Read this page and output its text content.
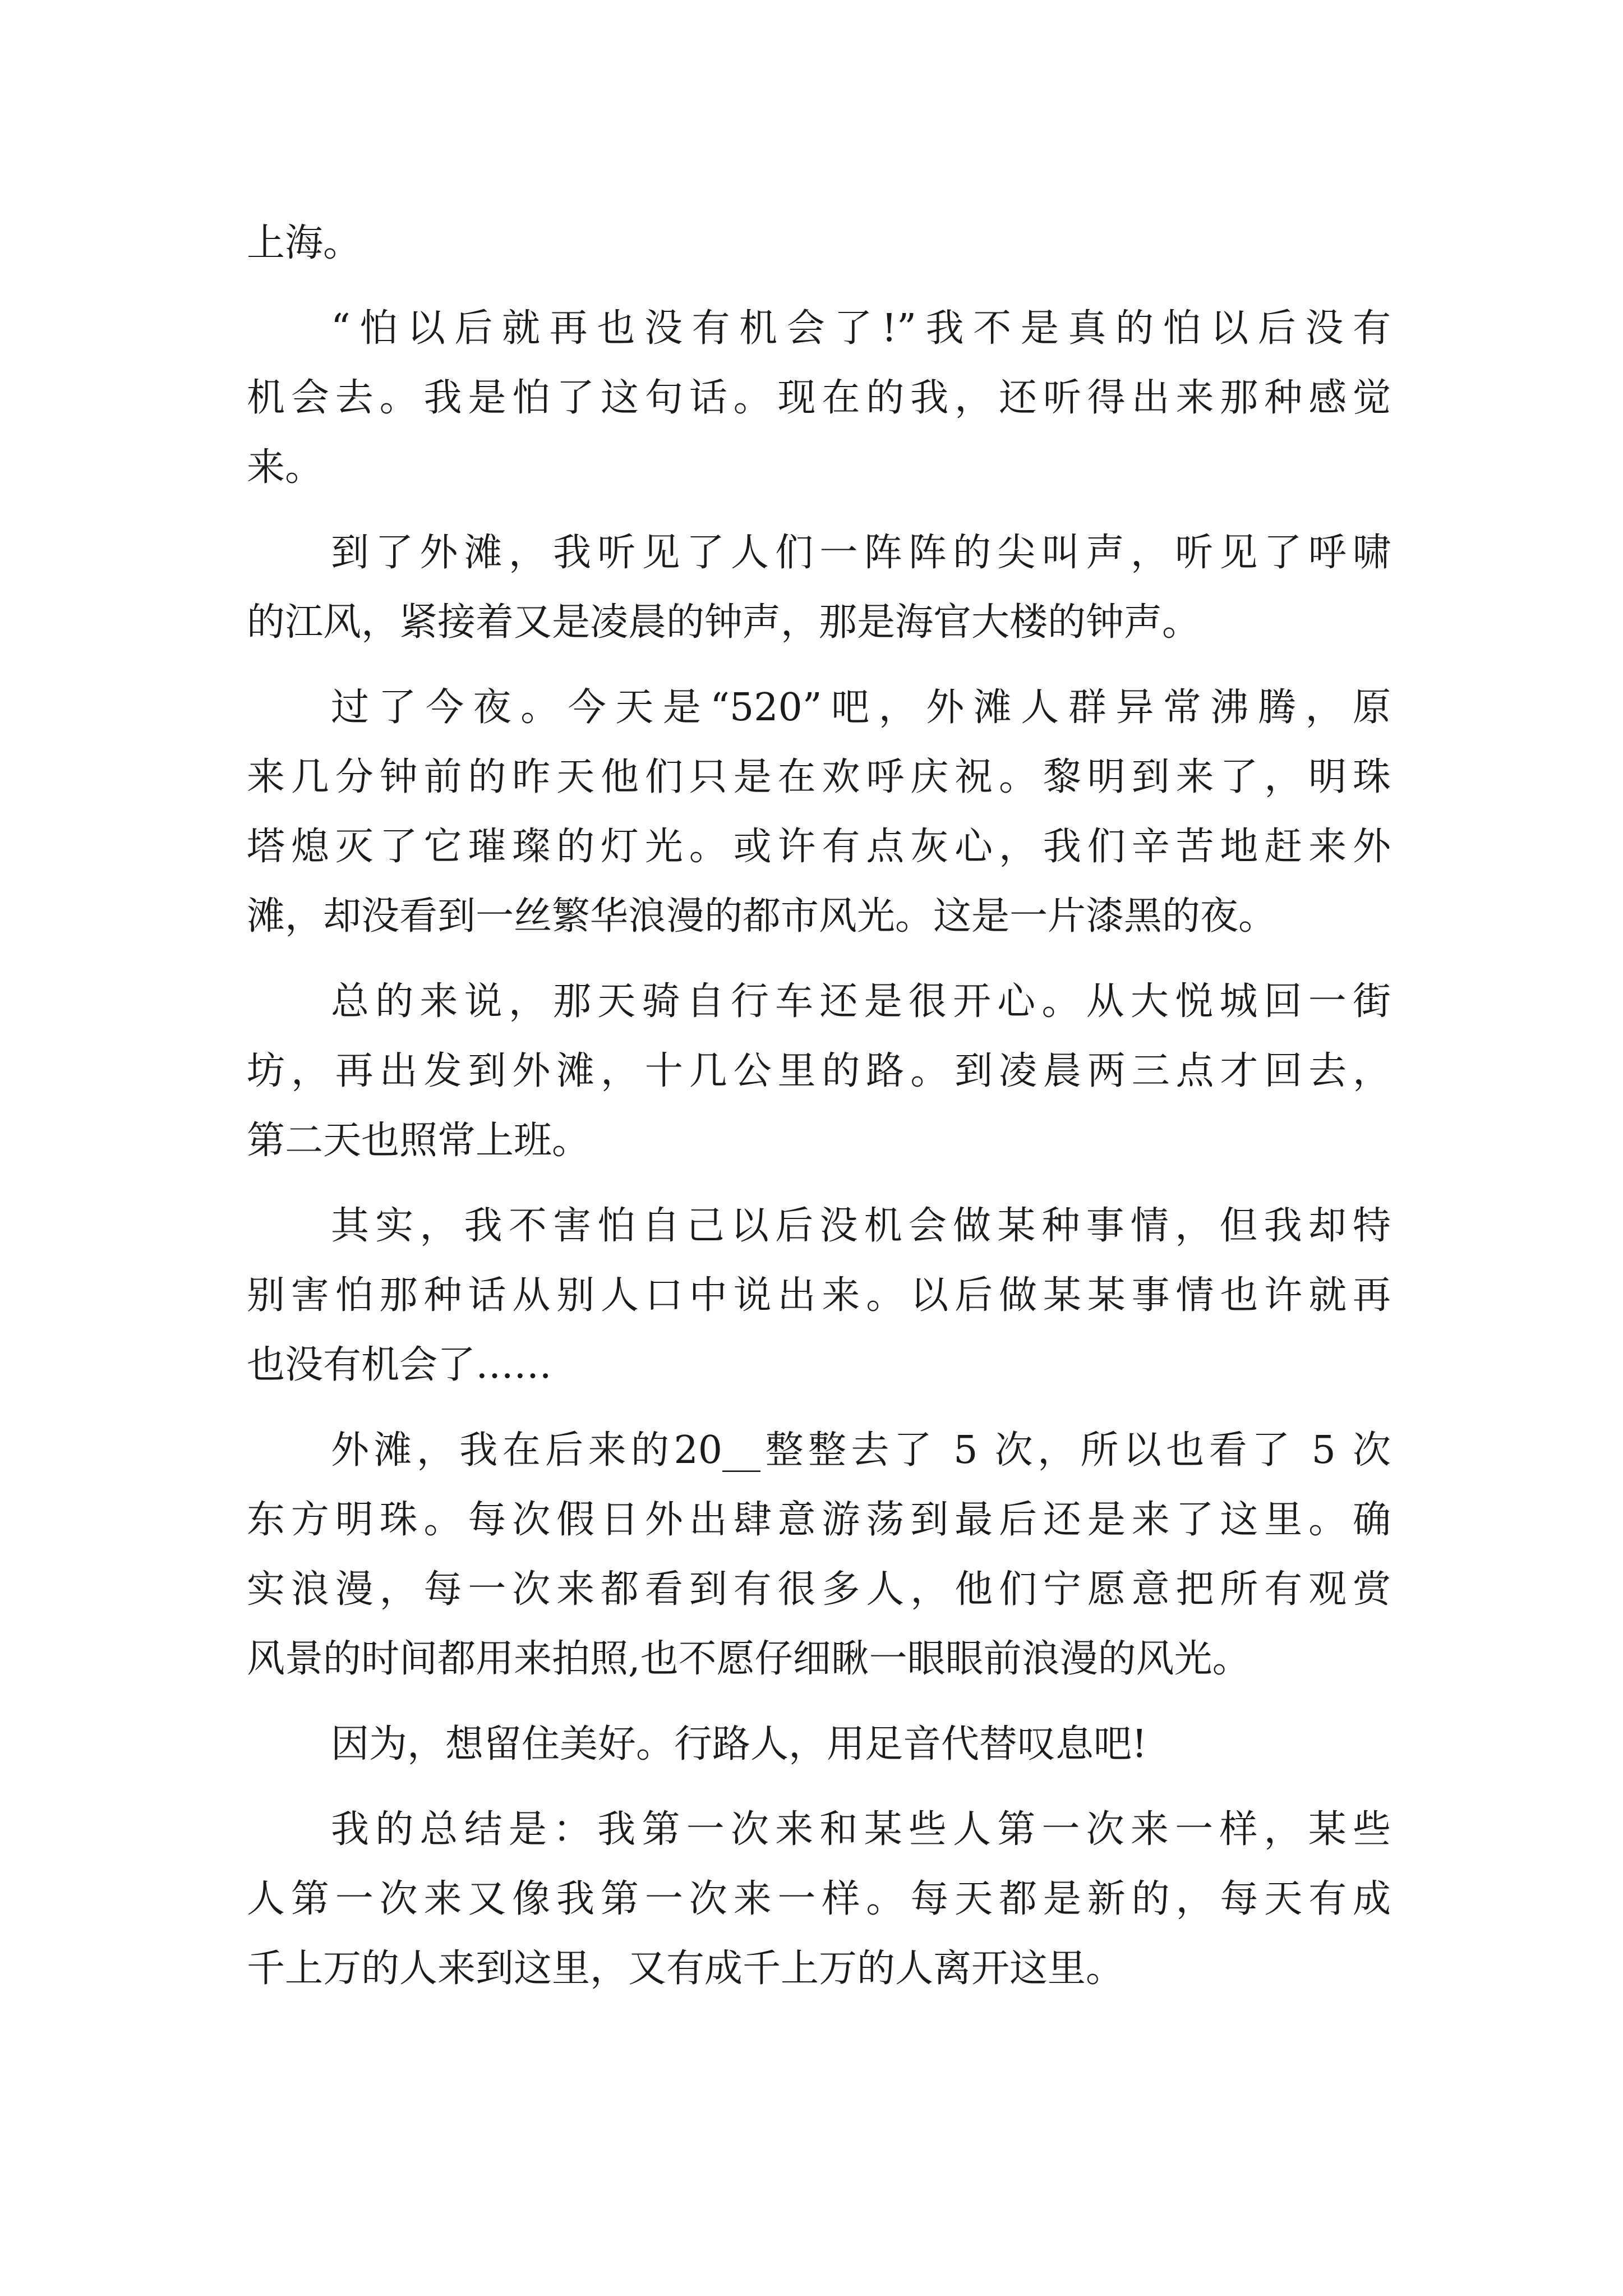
上海。
“怕以后就再也没有机会了!”我不是真的怕以后没有
机会去。我是怕了这句话。现在的我，还听得出来那种感觉
来。
到了外滩，我听见了人们一阵阵的尖叫声，听见了呼啸
的江风，紧接着又是凌晨的钟声，那是海官大楼的钟声。
过了今夜。今天是“520”吧，外滩人群异常沸腾，原
来几分钟前的昨天他们只是在欢呼庆祝。黎明到来了，明珠
塔熄灭了它璀璨的灯光。或许有点灰心，我们辛苦地赶来外
滩，却没看到一丝繁华浪漫的都市风光。这是一片漆黑的夜。
总的来说，那天骑自行车还是很开心。从大悦城回一街
坊，再出发到外滩，十几公里的路。到凌晨两三点才回去，
第二天也照常上班。
其实，我不害怕自己以后没机会做某种事情，但我却特
别害怕那种话从别人口中说出来。以后做某某事情也许就再
也没有机会了……
外滩，我在后来的20__整整去了 5 次，所以也看了 5 次
东方明珠。每次假日外出肆意游荡到最后还是来了这里。确
实浪漫，每一次来都看到有很多人，他们宁愿意把所有观赏
风景的时间都用来拍照,也不愿仔细瞅一眼眼前浪漫的风光。
因为，想留住美好。行路人，用足音代替叹息吧!
我的总结是：我第一次来和某些人第一次来一样，某些
人第一次来又像我第一次来一样。每天都是新的，每天有成
千上万的人来到这里，又有成千上万的人离开这里。
